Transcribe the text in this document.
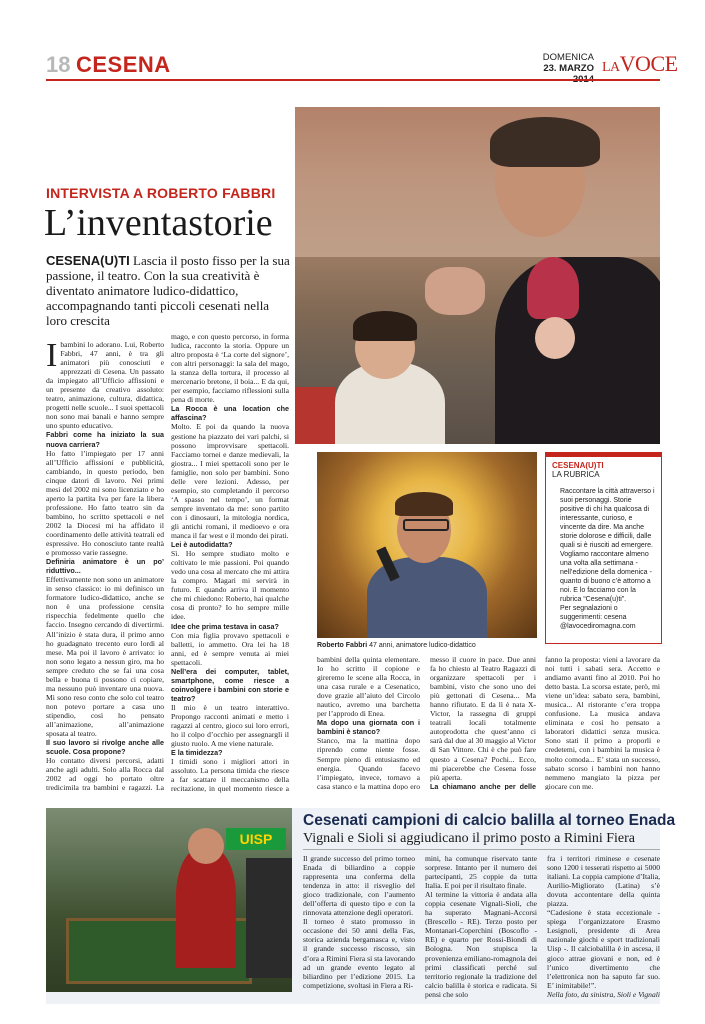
18 CESENA	DOMENICA
23. MARZO LAVOCE
INTERVISTA A ROBERTO FABBRI
L’inventastorie
CESENA(U)TI Lascia il posto fisso per la sua passione, il teatro. Con la sua creatività è diventato animatore ludico-didattico, accompagnando tanti piccoli cesenati nella loro crescita
I bambini lo adorano. Lui, Roberto Fabbri, 47 anni, è tra gli animatori più conosciuti e apprezzati di Cesena. Un passato da impiegato all’Ufficio affissioni e un presente da creativo assoluto: teatro, animazione, cultura, didattica, progetti nelle scuole... I suoi spettacoli non sono mai banali e hanno sempre uno spunto educativo.
Fabbri come ha iniziato la sua nuova carriera?
Ho fatto l’impiegato per 17 anni all’Ufficio affissioni e pubblicità, cambiando, in questo periodo, ben cinque datori di lavoro. Nei primi mesi del 2002 mi sono licenziato e ho aperto la partita Iva per fare la libera professione. Ho fatto teatro sin da bambino, ho scritto spettacoli e nel 2002 la Diocesi mi ha affidato il coordinamento delle attività teatrali ed espressive. Ho conosciuto tante realtà e promosso varie rassegne.
Definiria animatore è un po’ riduttivo...
Effettivamente non sono un animatore in senso classico: io mi definisco un formatore ludico-didattico, anche se non è una professione censita rispecchia fedelmente quello che faccio. Insegno cercando di divertirmi. All’inizio è stata dura, il primo anno ho guadagnato trecento euro lordi al mese. Ma poi il lavoro è arrivato: io non sono legato a nessun giro, ma ho sempre creduto che se fai una cosa bella e buona ti possono ci copiare, ma nessuno può inventare una nuova. Mi sono reso conto che solo col teatro non potevo portare a casa uno stipendio, così ho pensato all’animazione, all’animazione sposata al teatro.
Il suo lavoro si rivolge anche alle scuole. Cosa propone?
Ho contatto diversi percorsi, adatti anche agli adulti. Solo alla Rocca dal 2002 ad oggi ho portato oltre tredicimila tra bambini e ragazzi. La
mago, e con questo percorso, in forma ludica, racconto la storia. Oppure un altro proposta è ‘La corte del signore’, con altri personaggi: la sala del mago, la stanza della tortura, il processo al mercenario bretone, il boia... E da qui, per esempio, facciamo riflessioni sulla pena di morte.
La Rocca è una location che affascina?
Molto. E poi da quando la nuova gestione ha piazzato dei vari palchi, si possono improvvisare spettacoli. Facciamo tornei e danze medievali, la giostra... I miei spettacoli sono per le famiglie, non solo per bambini. Sono delle vere lezioni. Adesso, per esempio, sto completando il percorso ‘A spasso nel tempo’, un format sempre inventato da me: sono partito con i dinosauri, la mitologia nordica, gli antichi romani, il medioevo e ora manca il far west e il mondo dei pirati.
Lei è autodidatta?
Sì. Ho sempre studiato molto e coltivato le mie passioni. Poi quando vedo una cosa al mercato che mi attira la compro. Magari mi servirà in futuro. E quando arriva il momento che mi chiedono: Roberto, hai qualche cosa di pronto? Io ho sempre mille idee.
Idee che prima testava in casa?
Con mia figlia provavo spettacoli e balletti, io ammetto. Ora lei ha 18 anni, ed è sempre venuta ai miei spettacoli.
Nell’era dei computer, tablet, smartphone, come riesce a coinvolgere i bambini con storie e teatro?
Il mio è un teatro interattivo. Propongo racconti animati e metto i ragazzi al centro, gioco sui loro errori, ho il colpo d’occhio per assegnargli il giusto ruolo. A me viene naturale.
E la timidezza?
I timidi sono i migliori attori in assoluto. La persona timida che riesce a far scattare il meccanismo della recitazione, in quel momento riesce a
bambini della quinta elementare. Io ho scritto il copione e gireremo le scene alla Rocca, in una casa rurale e a Cesenatico, dove grazie all’aiuto del Circolo nautico, avremo una barchetta per l’approdo di Enea.
Ma dopo una giornata con i bambini è stanco?
Stanco, ma la mattina dopo riprendo come niente fosse. Sempre pieno di entusiasmo ed energia. Quando facevo l’impiegato, invece, tornavo a casa stanco e la mattina dopo ero
messo il cuore in pace. Due anni fa ho chiesto al Teatro Ragazzi di organizzare spettacoli per i bambini, visto che sono uno dei più gettonati di Cesena... Ma hanno rifiutato. E da lì è nata X-Victor, la rassegna di gruppi teatrali locali totalmente autoprodotta che quest’anno ci sarà dal due al 30 maggio al Victor di San Vittore. Chi è che può fare questo a Cesena? Pochi... Ecco, mi piacerebbe che Cesena fosse più aperta.
La chiamano anche per delle
fanno la proposta: vieni a lavorare da noi tutti i sabati sera. Accetto e andiamo avanti fino al 2010. Poi ho detto basta. La scorsa estate, però, mi viene un’idea: sabato sera, bambini, musica... Al ristorante c’era troppa confusione. La musica andava eliminata e così ho pensato a laboratori didattici senza musica. Sono stati il primo a proporli e credetemi, con i bambini la musica è molto comoda... E’ stata un successo, sabato scorso i bambini non hanno nemmeno mangiato la pizza per giocare con me.
Roberto Fabbri 47 anni, animatore ludico-didattico
CESENA(U)TI
LA RUBRICA
Raccontare la città attraverso i suoi personaggi. Storie positive di chi ha qualcosa di interessante, curioso, e vincente da dire. Ma anche storie dolorose e difficili, dalle quali si è riusciti ad emergere. Vogliamo raccontare almeno una volta alla settimana - nell’edizione della domenica - quanto di buono c’è attorno a noi. E lo facciamo con la rubrica “Cesena(u)ti”.
Per segnalazioni o suggerimenti: cesena @lavocediromagna.com
UISP
Cesenati campioni di calcio balilla al torneo Enada
Vignali e Sioli si aggiudicano il primo posto a Rimini Fiera
Il grande successo del primo torneo Enada di biliardino a coppie rappresenta una conferma della tendenza in atto: il risveglio del gioco tradizionale, con l’aumento dell’offerta di questo tipo e con la rinnovata attenzione degli operatori.
Il torneo è stato promosso in occasione dei 50 anni della Fas, storica azienda bergamasca e, visto il grande successo riscosso, sin d’ora a Rimini Fiera si sta lavorando ad un grande evento legato al biliardino per l’edizione 2015. La competizione, svoltasi in Fiera a Ri-
mini, ha comunque riservato tante sorprese. Intanto per il numero dei partecipanti, 25 coppie da tutta Italia. E poi per il risultato finale.
Al termine la vittoria è andata alla coppia cesenate Vignali-Sioli, che ha superato Magnani-Accorsi (Brescello - RE). Terzo posto per Montanari-Coperchini (Boscoflo - RE) e quarto per Rossi-Biondi di Bologna. Non stupisca la provenienza emiliano-romagnola dei primi classificati perché sul territorio regionale la tradizione del calcio balilla è storica e radicata. Si pensi che solo
fra i territori riminese e cesenate sono 1200 i tesserati rispetto ai 5000 italiani. La coppia campione d’Italia, Aurilio-Migliorato (Latina) s’è dovuta accontentare della quinta piazza.
“Cadesione è stata eccezionale - spiega l’organizzatore Erasmo Lesignoli, presidente di Area nazionale giochi e sport tradizionali Uisp -. Il calciobalilla è in ascesa, il gioco attrae giovani e non, ed è l’unico divertimento che l’elettronica non ha saputo far suo. E’ inimitabile!”.
Nella foto, da sinistra, Sioli e Vignali
